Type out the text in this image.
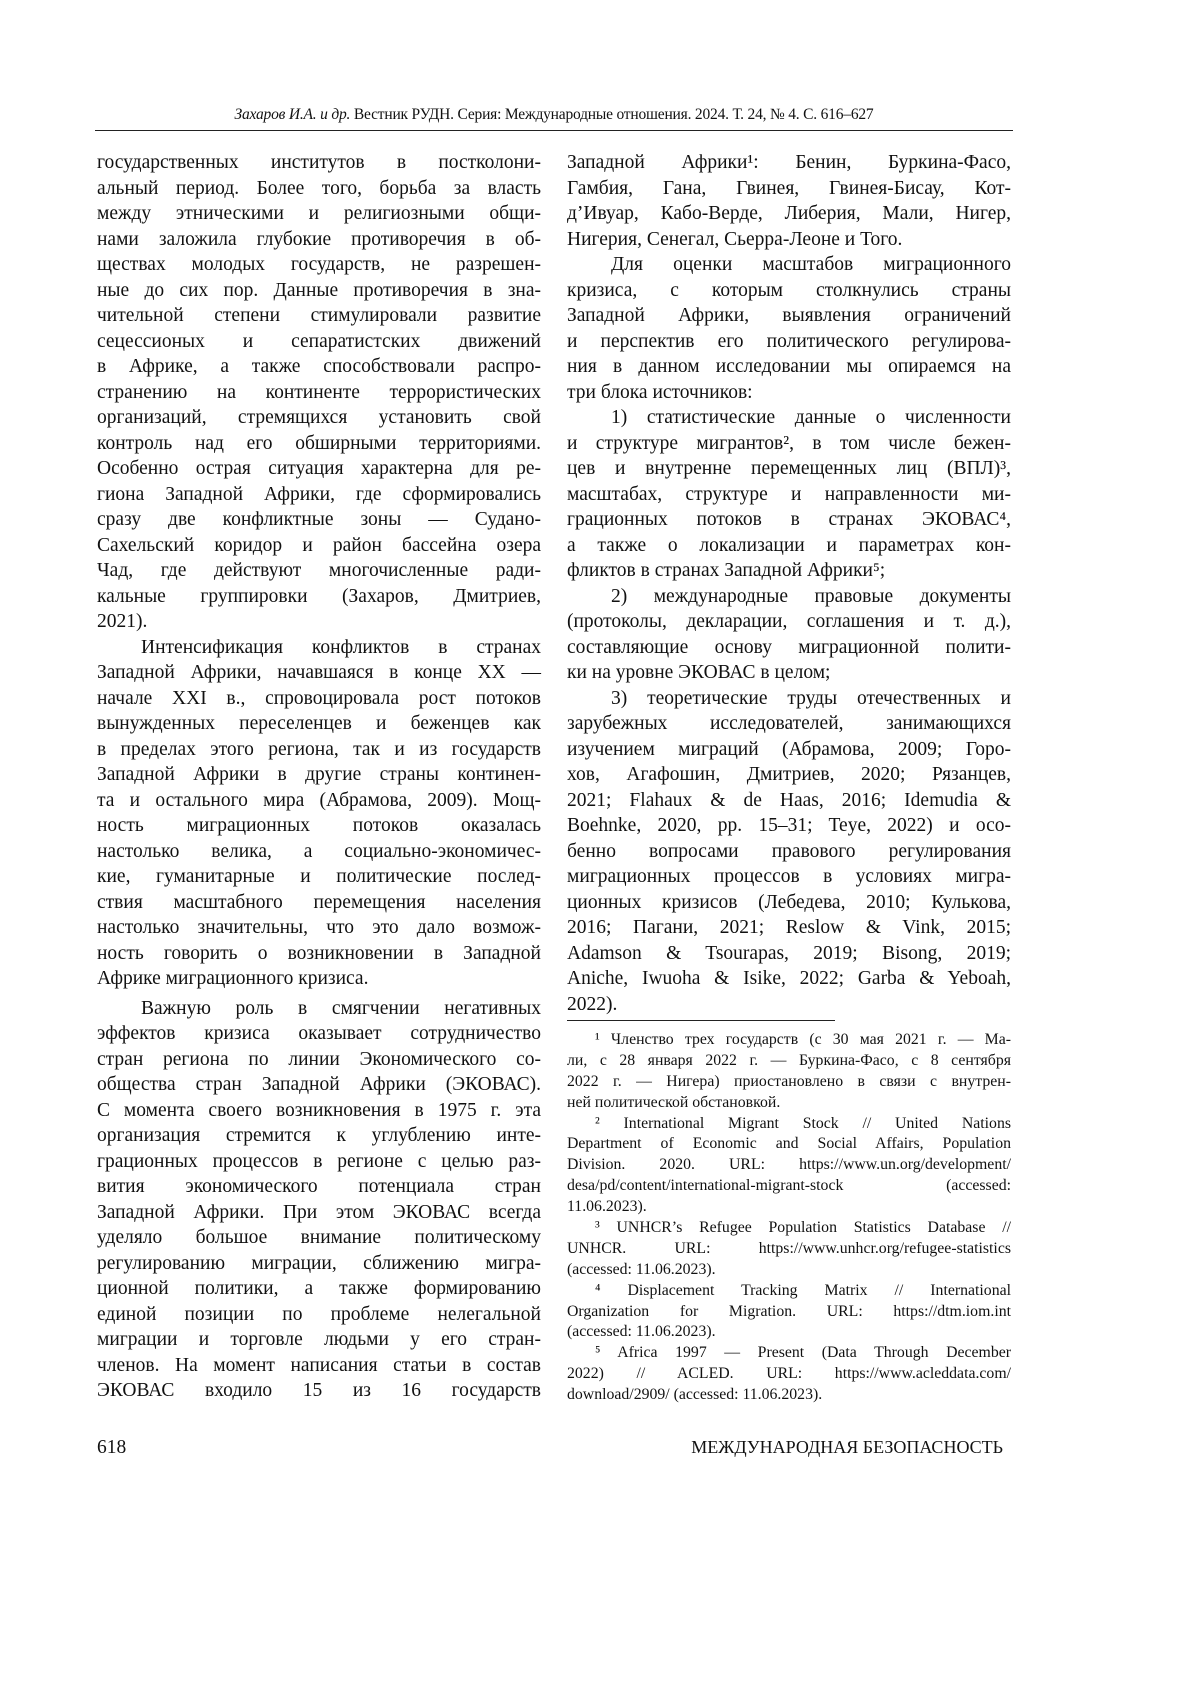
Захаров И.А. и др. Вестник РУДН. Серия: Международные отношения. 2024. Т. 24, № 4. С. 616–627
государственных институтов в постколони-
альный период. Более того, борьба за власть
между этническими и религиозными общи-
нами заложила глубокие противоречия в об-
ществах молодых государств, не разрешен-
ные до сих пор. Данные противоречия в зна-
чительной степени стимулировали развитие
сецессионых и сепаратистских движений
в Африке, а также способствовали распро-
странению на континенте террористических
организаций, стремящихся установить свой
контроль над его обширными территориями.
Особенно острая ситуация характерна для ре-
гиона Западной Африки, где сформировались
сразу две конфликтные зоны — Судано-
Сахельский коридор и район бассейна озера
Чад, где действуют многочисленные ради-
кальные группировки (Захаров, Дмитриев,
2021).
Интенсификация конфликтов в странах
Западной Африки, начавшаяся в конце XX —
начале XXI в., спровоцировала рост потоков
вынужденных переселенцев и беженцев как
в пределах этого региона, так и из государств
Западной Африки в другие страны континен-
та и остального мира (Абрамова, 2009). Мощ-
ность миграционных потоков оказалась
настолько велика, а социально-экономичес-
кие, гуманитарные и политические послед-
ствия масштабного перемещения населения
настолько значительны, что это дало возмож-
ность говорить о возникновении в Западной
Африке миграционного кризиса.
Важную роль в смягчении негативных
эффектов кризиса оказывает сотрудничество
стран региона по линии Экономического со-
общества стран Западной Африки (ЭКОВАС).
С момента своего возникновения в 1975 г. эта
организация стремится к углублению инте-
грационных процессов в регионе с целью раз-
вития экономического потенциала стран
Западной Африки. При этом ЭКОВАС всегда
уделяло большое внимание политическому
регулированию миграции, сближению мигра-
ционной политики, а также формированию
единой позиции по проблеме нелегальной
миграции и торговле людьми у его стран-
членов. На момент написания статьи в состав
ЭКОВАС входило 15 из 16 государств
Западной Африки¹: Бенин, Буркина-Фасо,
Гамбия, Гана, Гвинея, Гвинея-Бисау, Кот-
д’Ивуар, Кабо-Верде, Либерия, Мали, Нигер,
Нигерия, Сенегал, Сьерра-Леоне и Того.
Для оценки масштабов миграционного
кризиса, с которым столкнулись страны
Западной Африки, выявления ограничений
и перспектив его политического регулирова-
ния в данном исследовании мы опираемся на
три блока источников:
1) статистические данные о численности
и структуре мигрантов², в том числе бежен-
цев и внутренне перемещенных лиц (ВПЛ)³,
масштабах, структуре и направленности ми-
грационных потоков в странах ЭКОВАС⁴,
а также о локализации и параметрах кон-
фликтов в странах Западной Африки⁵;
2) международные правовые документы
(протоколы, декларации, соглашения и т. д.),
составляющие основу миграционной полити-
ки на уровне ЭКОВАС в целом;
3) теоретические труды отечественных и
зарубежных исследователей, занимающихся
изучением миграций (Абрамова, 2009; Горо-
хов, Агафошин, Дмитриев, 2020; Рязанцев,
2021; Flahaux & de Haas, 2016; Idemudia &
Boehnke, 2020, pp. 15–31; Teye, 2022) и осо-
бенно вопросами правового регулирования
миграционных процессов в условиях мигра-
ционных кризисов (Лебедева, 2010; Кулькова,
2016; Пагани, 2021; Reslow & Vink, 2015;
Adamson & Tsourapas, 2019; Bisong, 2019;
Aniche, Iwuoha & Isike, 2022; Garba & Yeboah,
2022).
¹ Членство трех государств (с 30 мая 2021 г. — Ма-
ли, с 28 января 2022 г. — Буркина-Фасо, с 8 сентября
2022 г. — Нигера) приостановлено в связи с внутрен-
ней политической обстановкой.
² International Migrant Stock // United Nations
Department of Economic and Social Affairs, Population
Division. 2020. URL: https://www.un.org/development/
desa/pd/content/international-migrant-stock (accessed:
11.06.2023).
³ UNHCR’s Refugee Population Statistics Database //
UNHCR. URL: https://www.unhcr.org/refugee-statistics
(accessed: 11.06.2023).
⁴ Displacement Tracking Matrix // International
Organization for Migration. URL: https://dtm.iom.int
(accessed: 11.06.2023).
⁵ Africa 1997 — Present (Data Through December
2022) // ACLED. URL: https://www.acleddata.com/
download/2909/ (accessed: 11.06.2023).
618	МЕЖДУНАРОДНАЯ БЕЗОПАСНОСТЬ
